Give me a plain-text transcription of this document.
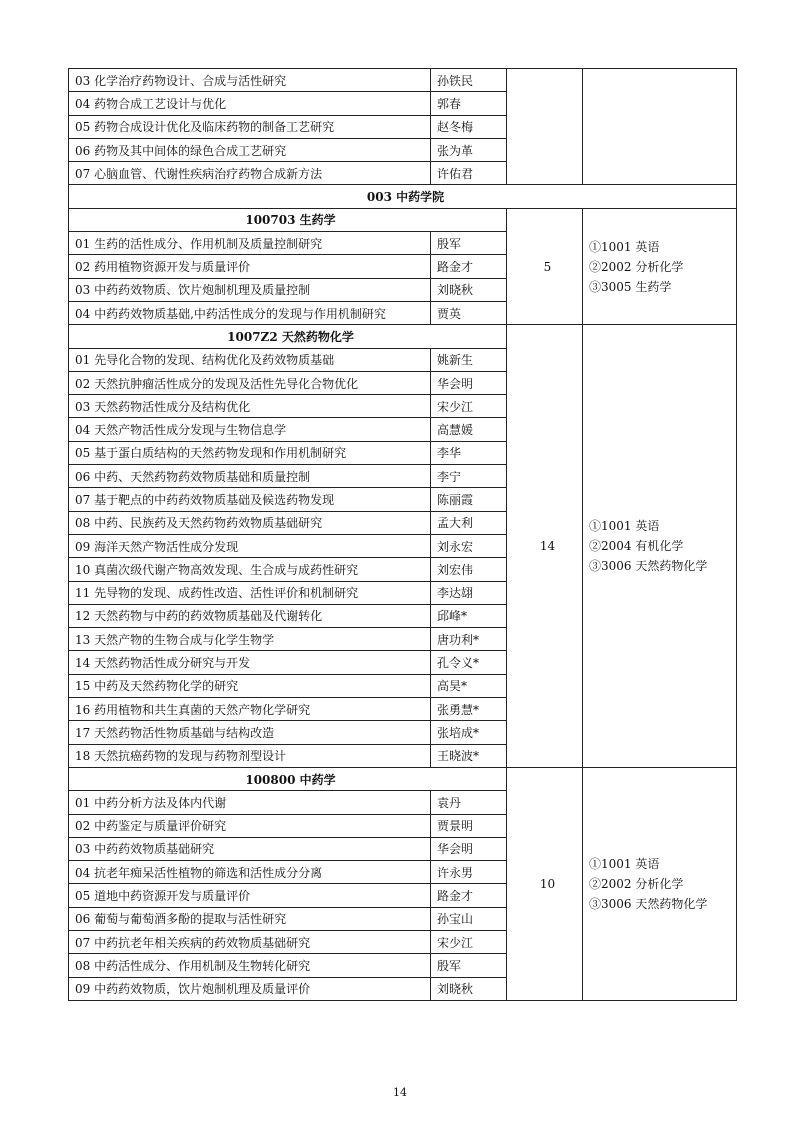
03 化学治疗药物设计、合成与活性研究	孙铁民		
04 药物合成工艺设计与优化	郭春		
05 药物合成设计优化及临床药物的制备工艺研究	赵冬梅		
06 药物及其中间体的绿色合成工艺研究	张为革		
07 心脑血管、代谢性疾病治疗药物合成新方法	许佑君		
003 中药学院			
100703 生药学		5	①1001 英语
②2002 分析化学
③3005 生药学

01 生药的活性成分、作用机制及质量控制研究	殷军		
02 药用植物资源开发与质量评价	路金才		
03 中药药效物质、饮片炮制机理及质量控制	刘晓秋		
04 中药药效物质基础,中药活性成分的发现与作用机制研究	贾英		
1007Z2 天然药物化学		14	①1001 英语
②2004 有机化学
③3006 天然药物化学

01 先导化合物的发现、结构优化及药效物质基础	姚新生		
02 天然抗肿瘤活性成分的发现及活性先导化合物优化	华会明		
03 天然药物活性成分及结构优化	宋少江		
04 天然产物活性成分发现与生物信息学	高慧媛		
05 基于蛋白质结构的天然药物发现和作用机制研究	李华		
06 中药、天然药物药效物质基础和质量控制	李宁		
07 基于靶点的中药药效物质基础及候选药物发现	陈丽霞		
08 中药、民族药及天然药物药效物质基础研究	孟大利		
09 海洋天然产物活性成分发现	刘永宏		
10 真菌次级代谢产物高效发现、生合成与成药性研究	刘宏伟		
11 先导物的发现、成药性改造、活性评价和机制研究	李达翃		
12 天然药物与中药的药效物质基础及代谢转化	邱峰*		
13 天然产物的生物合成与化学生物学	唐功利*		
14 天然药物活性成分研究与开发	孔令义*		
15 中药及天然药物化学的研究	高昊*		
16 药用植物和共生真菌的天然产物化学研究	张勇慧*		
17 天然药物活性物质基础与结构改造	张培成*		
18 天然抗癌药物的发现与药物剂型设计	王晓波*		
100800 中药学		10	①1001 英语
②2002 分析化学
③3006 天然药物化学

01 中药分析方法及体内代谢	袁丹		
02 中药鉴定与质量评价研究	贾景明		
03 中药药效物质基础研究	华会明		
04 抗老年痴呆活性植物的筛选和活性成分分离	许永男		
05 道地中药资源开发与质量评价	路金才		
06 葡萄与葡萄酒多酚的提取与活性研究	孙宝山		
07 中药抗老年相关疾病的药效物质基础研究	宋少江		
08 中药活性成分、作用机制及生物转化研究	殷军		
09 中药药效物质，饮片炮制机理及质量评价	刘晓秋		
14
